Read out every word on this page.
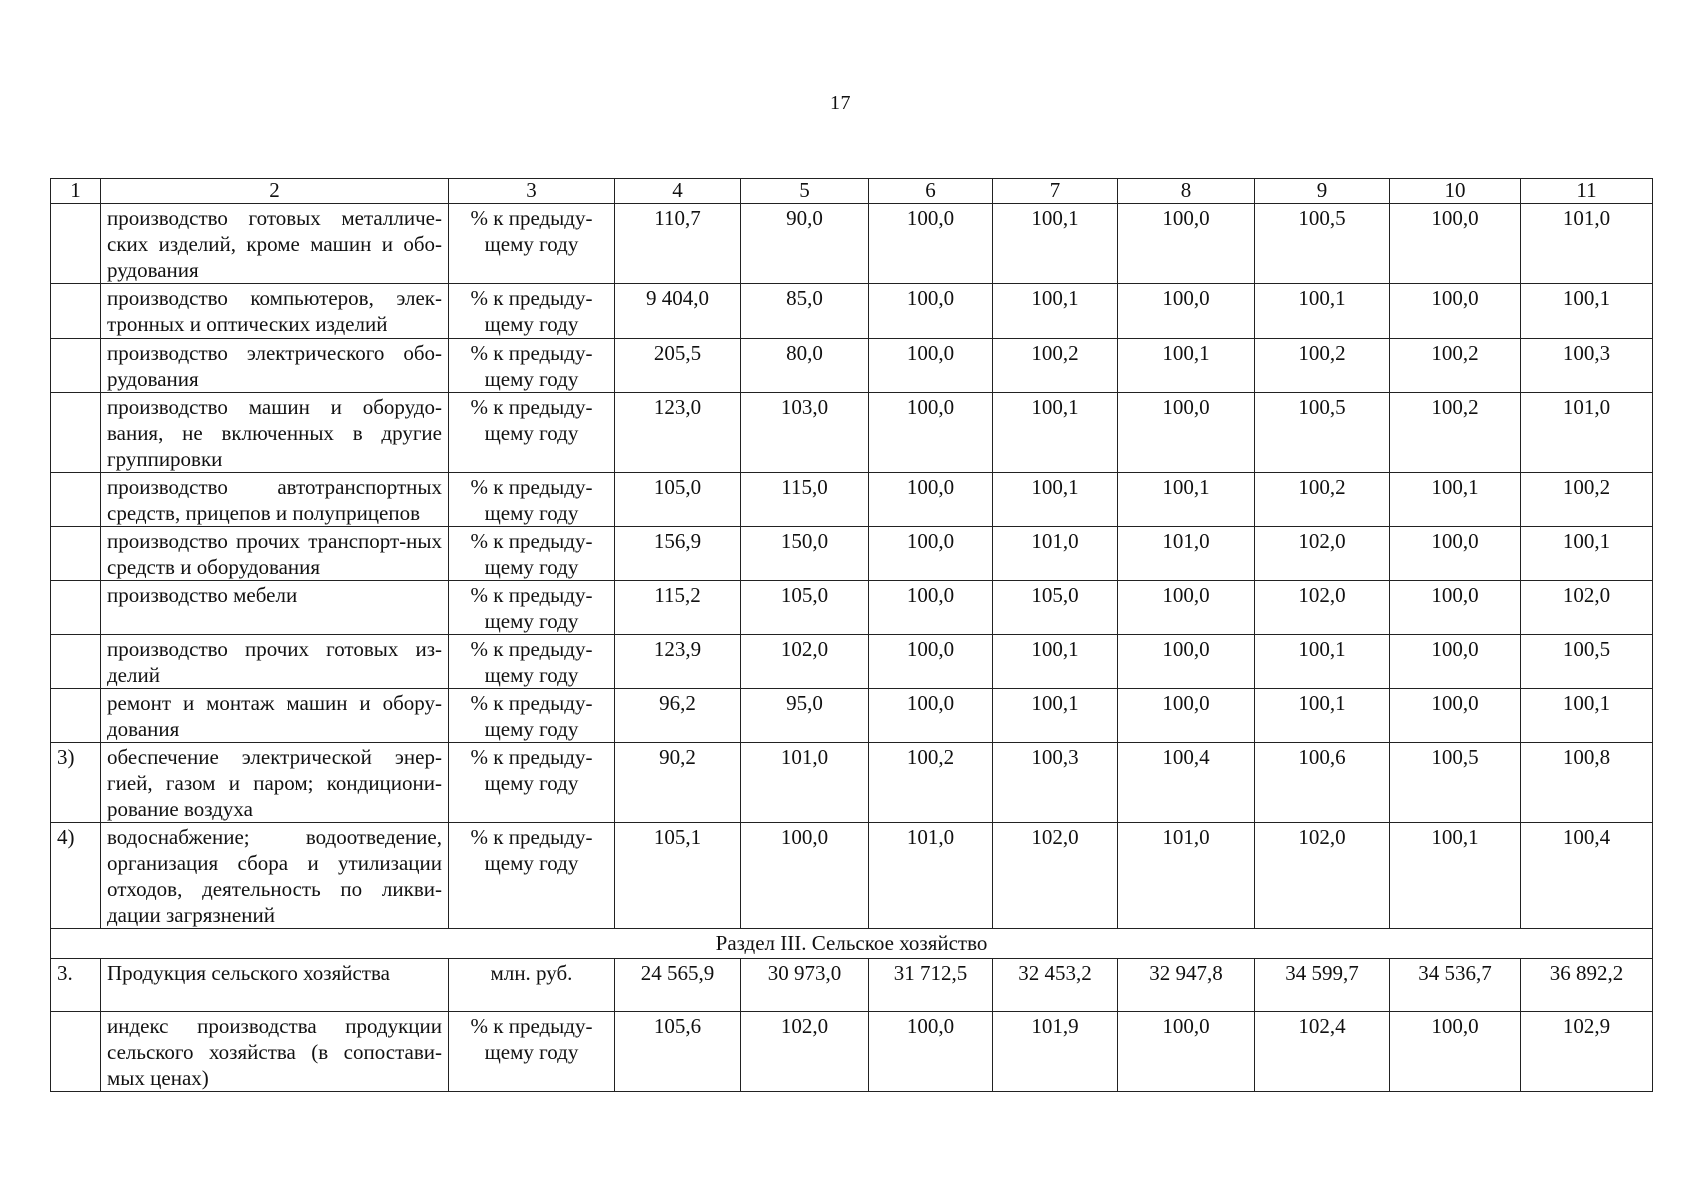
17
1	2	3	4	5	6	7	8	9	10	11
	производство готовых металличе-ских изделий, кроме машин и обо-рудования	% к предыду-щему году	110,7	90,0	100,0	100,1	100,0	100,5	100,0	101,0
	производство компьютеров, элек-тронных и оптических изделий	% к предыду-щему году	9 404,0	85,0	100,0	100,1	100,0	100,1	100,0	100,1
	производство электрического обо-рудования	% к предыду-щему году	205,5	80,0	100,0	100,2	100,1	100,2	100,2	100,3
	производство машин и оборудо-вания, не включенных в другие группировки	% к предыду-щему году	123,0	103,0	100,0	100,1	100,0	100,5	100,2	101,0
	производство автотранспортных средств, прицепов и полуприцепов	% к предыду-щему году	105,0	115,0	100,0	100,1	100,1	100,2	100,1	100,2
	производство прочих транспорт-ных средств и оборудования	% к предыду-щему году	156,9	150,0	100,0	101,0	101,0	102,0	100,0	100,1
	производство мебели	% к предыду-щему году	115,2	105,0	100,0	105,0	100,0	102,0	100,0	102,0
	производство прочих готовых из-делий	% к предыду-щему году	123,9	102,0	100,0	100,1	100,0	100,1	100,0	100,5
	ремонт и монтаж машин и обору-дования	% к предыду-щему году	96,2	95,0	100,0	100,1	100,0	100,1	100,0	100,1
3)	обеспечение электрической энер-гией, газом и паром; кондициони-рование воздуха	% к предыду-щему году	90,2	101,0	100,2	100,3	100,4	100,6	100,5	100,8
4)	водоснабжение; водоотведение, организация сбора и утилизации отходов, деятельность по ликви-дации загрязнений	% к предыду-щему году	105,1	100,0	101,0	102,0	101,0	102,0	100,1	100,4
Раздел III. Сельское хозяйство										
3.	Продукция сельского хозяйства	млн. руб.	24 565,9	30 973,0	31 712,5	32 453,2	32 947,8	34 599,7	34 536,7	36 892,2
	индекс производства продукции сельского хозяйства (в сопостави-мых ценах)	% к предыду-щему году	105,6	102,0	100,0	101,9	100,0	102,4	100,0	102,9
